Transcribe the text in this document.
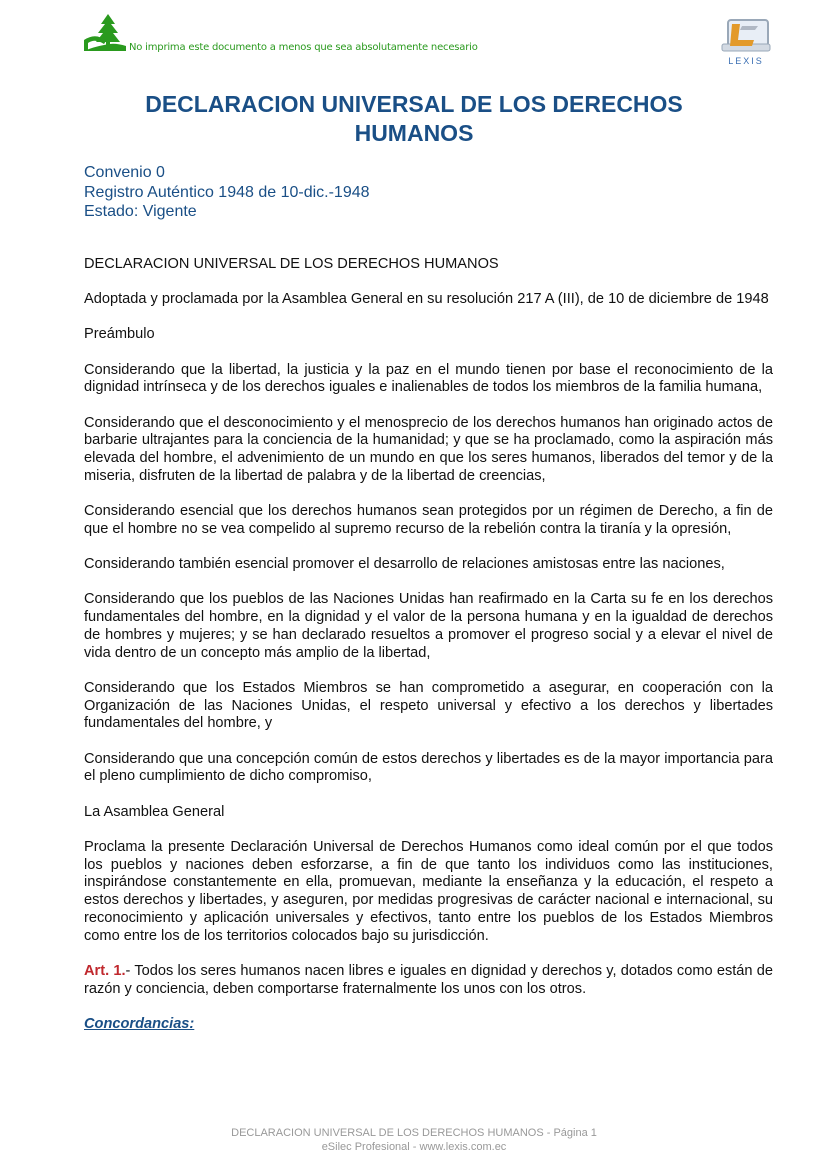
No imprima este documento a menos que sea absolutamente necesario
LEXIS
DECLARACION UNIVERSAL DE LOS DERECHOS HUMANOS
Convenio 0
Registro Auténtico 1948 de 10-dic.-1948
Estado: Vigente

DECLARACION UNIVERSAL DE LOS DERECHOS HUMANOS

Adoptada y proclamada por la Asamblea General en su resolución 217 A (III), de 10 de diciembre de 1948

Preámbulo

Considerando que la libertad, la justicia y la paz en el mundo tienen por base el reconocimiento de la dignidad intrínseca y de los derechos iguales e inalienables de todos los miembros de la familia humana,

Considerando que el desconocimiento y el menosprecio de los derechos humanos han originado actos de barbarie ultrajantes para la conciencia de la humanidad; y que se ha proclamado, como la aspiración más elevada del hombre, el advenimiento de un mundo en que los seres humanos, liberados del temor y de la miseria, disfruten de la libertad de palabra y de la libertad de creencias,

Considerando esencial que los derechos humanos sean protegidos por un régimen de Derecho, a fin de que el hombre no se vea compelido al supremo recurso de la rebelión contra la tiranía y la opresión,

Considerando también esencial promover el desarrollo de relaciones amistosas entre las naciones,

Considerando que los pueblos de las Naciones Unidas han reafirmado en la Carta su fe en los derechos fundamentales del hombre, en la dignidad y el valor de la persona humana y en la igualdad de derechos de hombres y mujeres; y se han declarado resueltos a promover el progreso social y a elevar el nivel de vida dentro de un concepto más amplio de la libertad,

Considerando que los Estados Miembros se han comprometido a asegurar, en cooperación con la Organización de las Naciones Unidas, el respeto universal y efectivo a los derechos y libertades fundamentales del hombre, y

Considerando que una concepción común de estos derechos y libertades es de la mayor importancia para el pleno cumplimiento de dicho compromiso,

La Asamblea General

Proclama la presente Declaración Universal de Derechos Humanos como ideal común por el que todos los pueblos y naciones deben esforzarse, a fin de que tanto los individuos como las instituciones, inspirándose constantemente en ella, promuevan, mediante la enseñanza y la educación, el respeto a estos derechos y libertades, y aseguren, por medidas progresivas de carácter nacional e internacional, su reconocimiento y aplicación universales y efectivos, tanto entre los pueblos de los Estados Miembros como entre los de los territorios colocados bajo su jurisdicción.

Art. 1.- Todos los seres humanos nacen libres e iguales en dignidad y derechos y, dotados como están de razón y conciencia, deben comportarse fraternalmente los unos con los otros.

Concordancias:

DECLARACION UNIVERSAL DE LOS DERECHOS HUMANOS - Página 1
eSilec Profesional - www.lexis.com.ec
